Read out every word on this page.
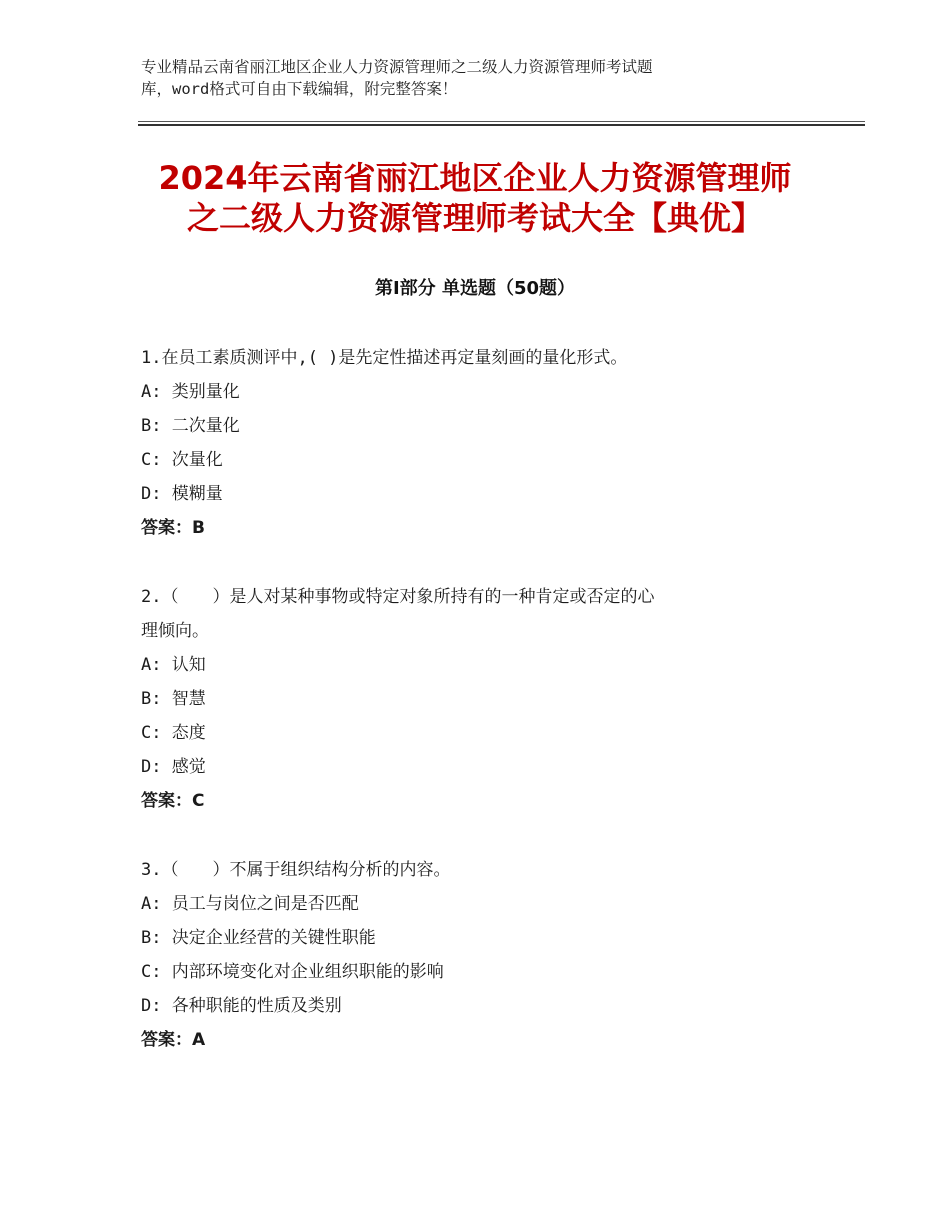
专业精品云南省丽江地区企业人力资源管理师之二级人力资源管理师考试题
库，word格式可自由下载编辑，附完整答案！
2024年云南省丽江地区企业人力资源管理师
之二级人力资源管理师考试大全【典优】
第Ⅰ部分 单选题（50题）
1.在员工素质测评中,( )是先定性描述再定量刻画的量化形式。
A: 类别量化
B: 二次量化
C: 次量化
D: 模糊量
答案：B
2.（　　）是人对某种事物或特定对象所持有的一种肯定或否定的心
理倾向。
A: 认知
B: 智慧
C: 态度
D: 感觉
答案：C
3.（　　）不属于组织结构分析的内容。
A: 员工与岗位之间是否匹配
B: 决定企业经营的关键性职能
C: 内部环境变化对企业组织职能的影响
D: 各种职能的性质及类别
答案：A
